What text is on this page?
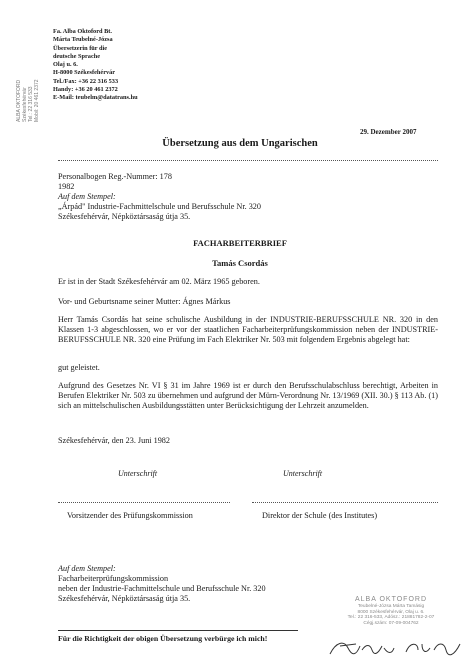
ALBA OKTOFORD Székesfehérvár Tel.: 22 316 533 Mobil: 20 461 2372
Fa. Alba Oktoford Bt.
Márta Teubelné-Józsa
Übersetzerin für die
deutsche Sprache
Olaj u. 6.
H-8000 Székesfehérvár
Tel./Fax: +36 22 316 533
Handy: +36 20 461 2372
E-Mail: teubelm@datatrans.hu
29. Dezember 2007
Übersetzung aus dem Ungarischen
Personalbogen Reg.-Nummer: 178
1982
Auf dem Stempel:
„Árpád" Industrie-Fachmittelschule und Berufsschule Nr. 320
Székesfehérvár, Népköztársaság útja 35.
FACHARBEITERBRIEF
Tamás Csordás
Er ist in der Stadt Székesfehérvár am 02. März 1965 geboren.
Vor- und Geburtsname seiner Mutter: Ágnes Márkus
Herr Tamás Csordás hat seine schulische Ausbildung in der INDUSTRIE-BERUFSSCHULE NR. 320 in den Klassen 1-3 abgeschlossen, wo er vor der staatlichen Facharbeiterprüfungskommission neben der INDUSTRIE-BERUFSSCHULE NR. 320 eine Prüfung im Fach Elektriker Nr. 503 mit folgendem Ergebnis abgelegt hat:
gut geleistet.
Aufgrund des Gesetzes Nr. VI § 31 im Jahre 1969 ist er durch den Berufsschulabschluss berechtigt, Arbeiten in Berufen Elektriker Nr. 503 zu übernehmen und aufgrund der Mürn-Verordnung Nr. 13/1969 (XII. 30.) § 113 Ab. (1) sich an mittelschulischen Ausbildungsstätten unter Berücksichtigung der Lehrzeit anzumelden.
Székesfehérvár, den 23. Juni 1982
Unterschrift	Unterschrift
Vorsitzender des Prüfungskommission	Direktor der Schule (des Institutes)
Auf dem Stempel:
Facharbeiterprüfungskommission
neben der Industrie-Fachmittelschule und Berufsschule Nr. 320
Székesfehérvár, Népköztársaság útja 35.	ALBA OKTOFORD
Teubelné-Józsa Márta Tamásig
8000 Székesfehérvár, Olaj u. 6.
Tel.: 22 316-533, Adósz.: 21881782-2-07
Cégj.szám: 07-09-004762
Für die Richtigkeit der obigen Übersetzung verbürge ich mich!
